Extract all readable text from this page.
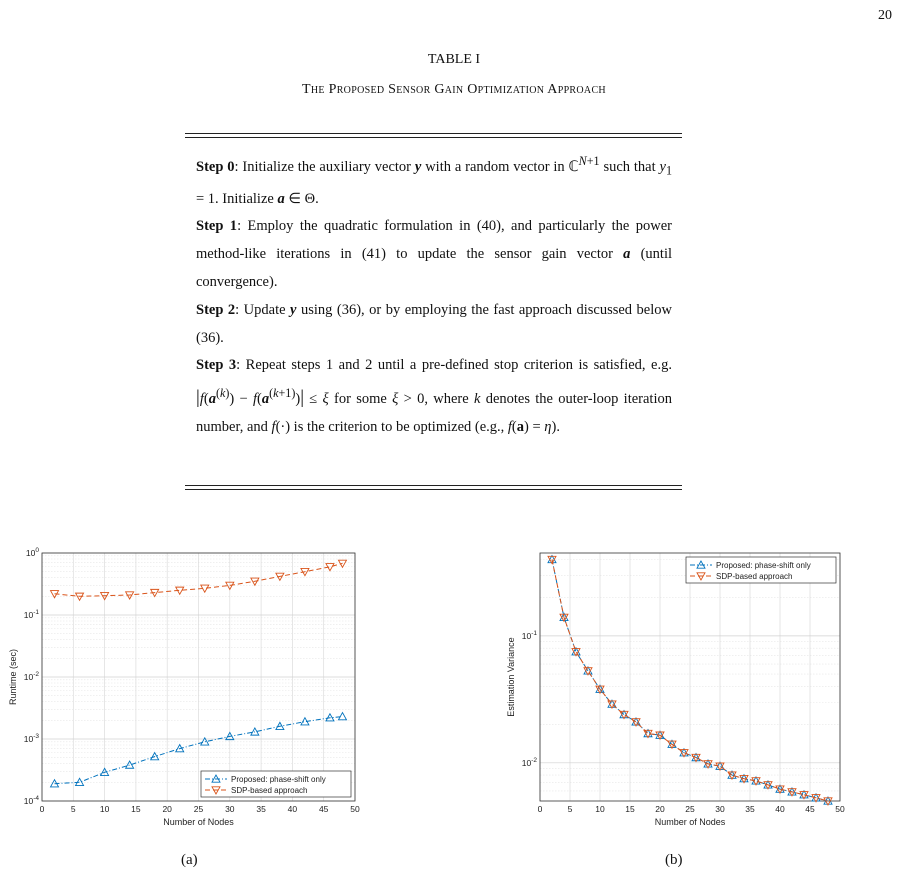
20
TABLE I
The Proposed Sensor Gain Optimization Approach

Step 0: Initialize the auxiliary vector y with a random vector in ℂ$^{N+1}$ such that $y_1 = 1$. Initialize a ∈ Θ.

Step 1: Employ the quadratic formulation in (40), and particularly the power method-like iterations in (41) to update the sensor gain vector a (until convergence).

Step 2: Update y using (36), or by employing the fast approach discussed below (36).

Step 3: Repeat steps 1 and 2 until a pre-defined stop criterion is satisfied, e.g. $|f(a^{(k)}) - f(a^{(k+1)})| \le \xi$ for some ξ > 0, where k denotes the outer-loop iteration number, and f(·) is the criterion to be optimized (e.g., f(a) = η).

0	5	10	15	20	25	30	35	40	45	50
$10^{-4}$
$10^{-3}$
$10^{-2}$
$10^{-1}$
$10^0$
Number of Nodes
Runtime (sec)
Proposed: phase-shift only
SDP-based approach
0	5	10 15 20 25 30 35 40 45 50
$10^{-2}$
$10^{-1}$
Number of Nodes
Estimation Variance
Proposed: phase-shift only
SDP-based approach
(a)	(b)
